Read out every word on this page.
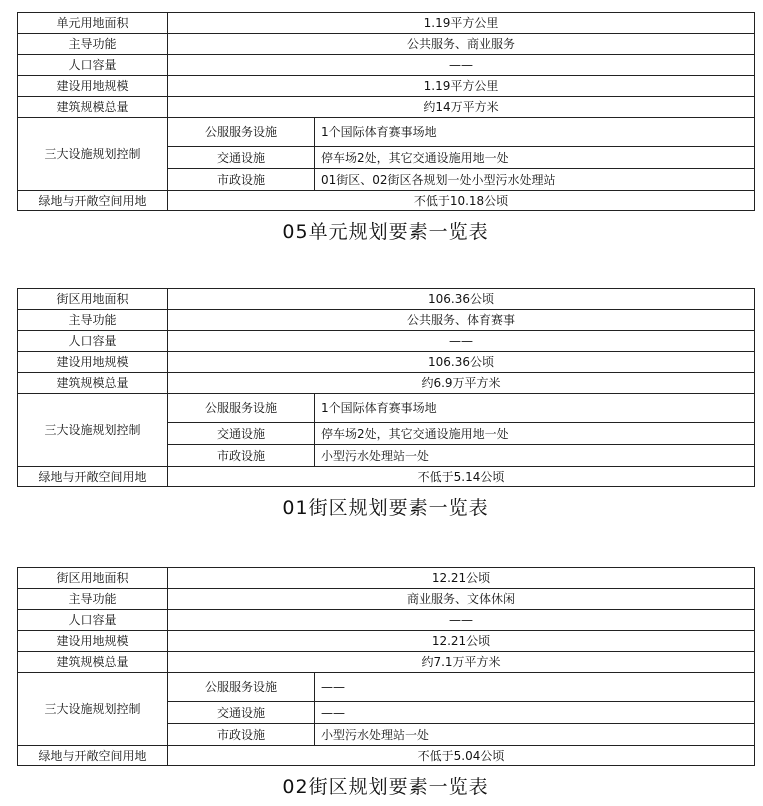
单元用地面积	1.19平方公里	
主导功能	公共服务、商业服务	
人口容量	——	
建设用地规模	1.19平方公里	
建筑规模总量	约14万平方米	
三大设施规划控制	公服服务设施	1个国际体育赛事场地
	交通设施	停车场2处，其它交通设施用地一处
	市政设施	01街区、02街区各规划一处小型污水处理站
绿地与开敞空间用地	不低于10.18公顷	
05单元规划要素一览表
街区用地面积	106.36公顷	
主导功能	公共服务、体育赛事	
人口容量	——	
建设用地规模	106.36公顷	
建筑规模总量	约6.9万平方米	
三大设施规划控制	公服服务设施	1个国际体育赛事场地
	交通设施	停车场2处，其它交通设施用地一处
	市政设施	小型污水处理站一处
绿地与开敞空间用地	不低于5.14公顷	
01街区规划要素一览表
街区用地面积	12.21公顷	
主导功能	商业服务、文体休闲	
人口容量	——	
建设用地规模	12.21公顷	
建筑规模总量	约7.1万平方米	
三大设施规划控制	公服服务设施	——
	交通设施	——
	市政设施	小型污水处理站一处
绿地与开敞空间用地	不低于5.04公顷	
02街区规划要素一览表
